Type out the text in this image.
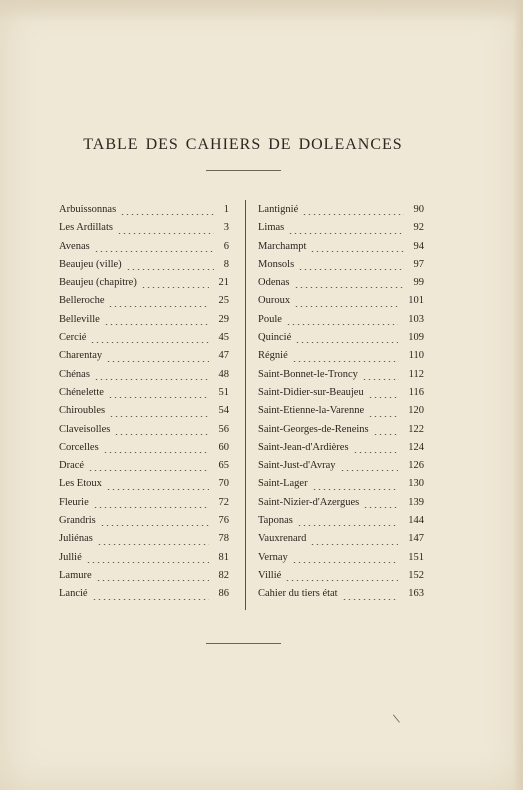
TABLE DES CAHIERS DE DOLEANCES
Arbuissonnas	1
Les Ardillats	3
Avenas	6
Beaujeu (ville)	8
Beaujeu (chapitre)	21
Belleroche	25
Belleville	29
Cercié	45
Charentay	47
Chénas	48
Chénelette	51
Chiroubles	54
Claveisolles	56
Corcelles	60
Dracé	65
Les Etoux	70
Fleurie	72
Grandris	76
Juliénas	78
Jullié	81
Lamure	82
Lancié	86
Lantignié	90
Limas	92
Marchampt	94
Monsols	97
Odenas	99
Ouroux	101
Poule	103
Quincié	109
Régnié	110
Saint-Bonnet-le-Troncy	112
Saint-Didier-sur-Beaujeu	116
Saint-Etienne-la-Varenne	120
Saint-Georges-de-Reneins	122
Saint-Jean-d'Ardières	124
Saint-Just-d'Avray	126
Saint-Lager	130
Saint-Nizier-d'Azergues	139
Taponas	144
Vauxrenard	147
Vernay	151
Villié	152
Cahier du tiers état	163
\
